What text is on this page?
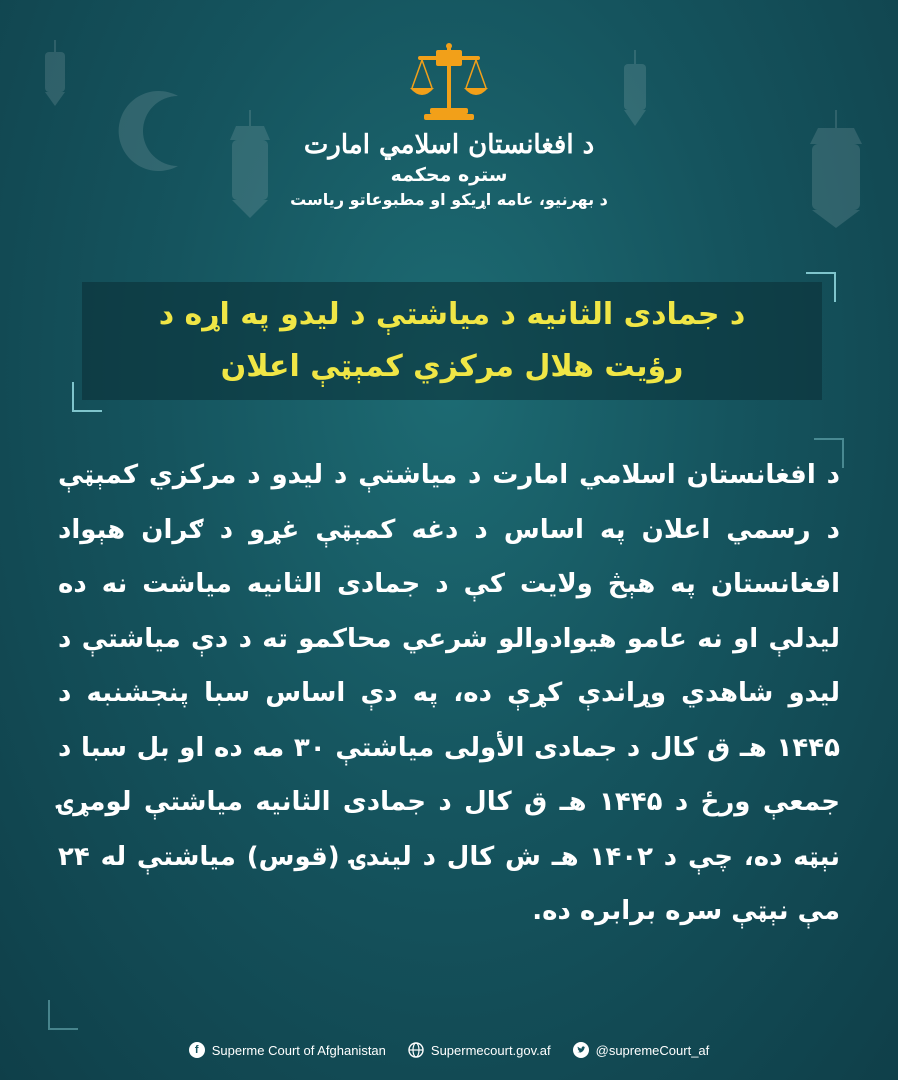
د افغانستان اسلامي امارت
ستره محکمه
د بهرنیو، عامه اړیکو او مطبوعاتو ریاست
د جمادی الثانیه د میاشتې د لیدو په اړه د
رؤیت هلال مرکزي کمېټې اعلان
د افغانستان اسلامي امارت د میاشتې د لیدو د مرکزي کمېټې د رسمي اعلان په اساس د دغه کمېټې غړو د ګران هېواد افغانستان په هېڅ ولایت کې د جمادی الثانیه میاشت نه ده لیدلې او نه عامو هیوادوالو شرعي محاکمو ته د دې میاشتې د لیدو شاهدي وړاندې کړې ده، په دې اساس سبا پنجشنبه د ۱۴۴۵ هـ ق کال د جمادی الأولی میاشتې ۳۰ مه ده او بل سبا د جمعې ورځ د ۱۴۴۵ هـ ق کال د جمادی الثانیه میاشتې لومړۍ نېټه ده، چې د ۱۴۰۲ هـ ش کال د لیندۍ (قوس) میاشتې له ۲۴ مې نېټې سره برابره ده.
f	Superme Court of Afghanistan	Supermecourt.gov.af	@supremeCourt_af
